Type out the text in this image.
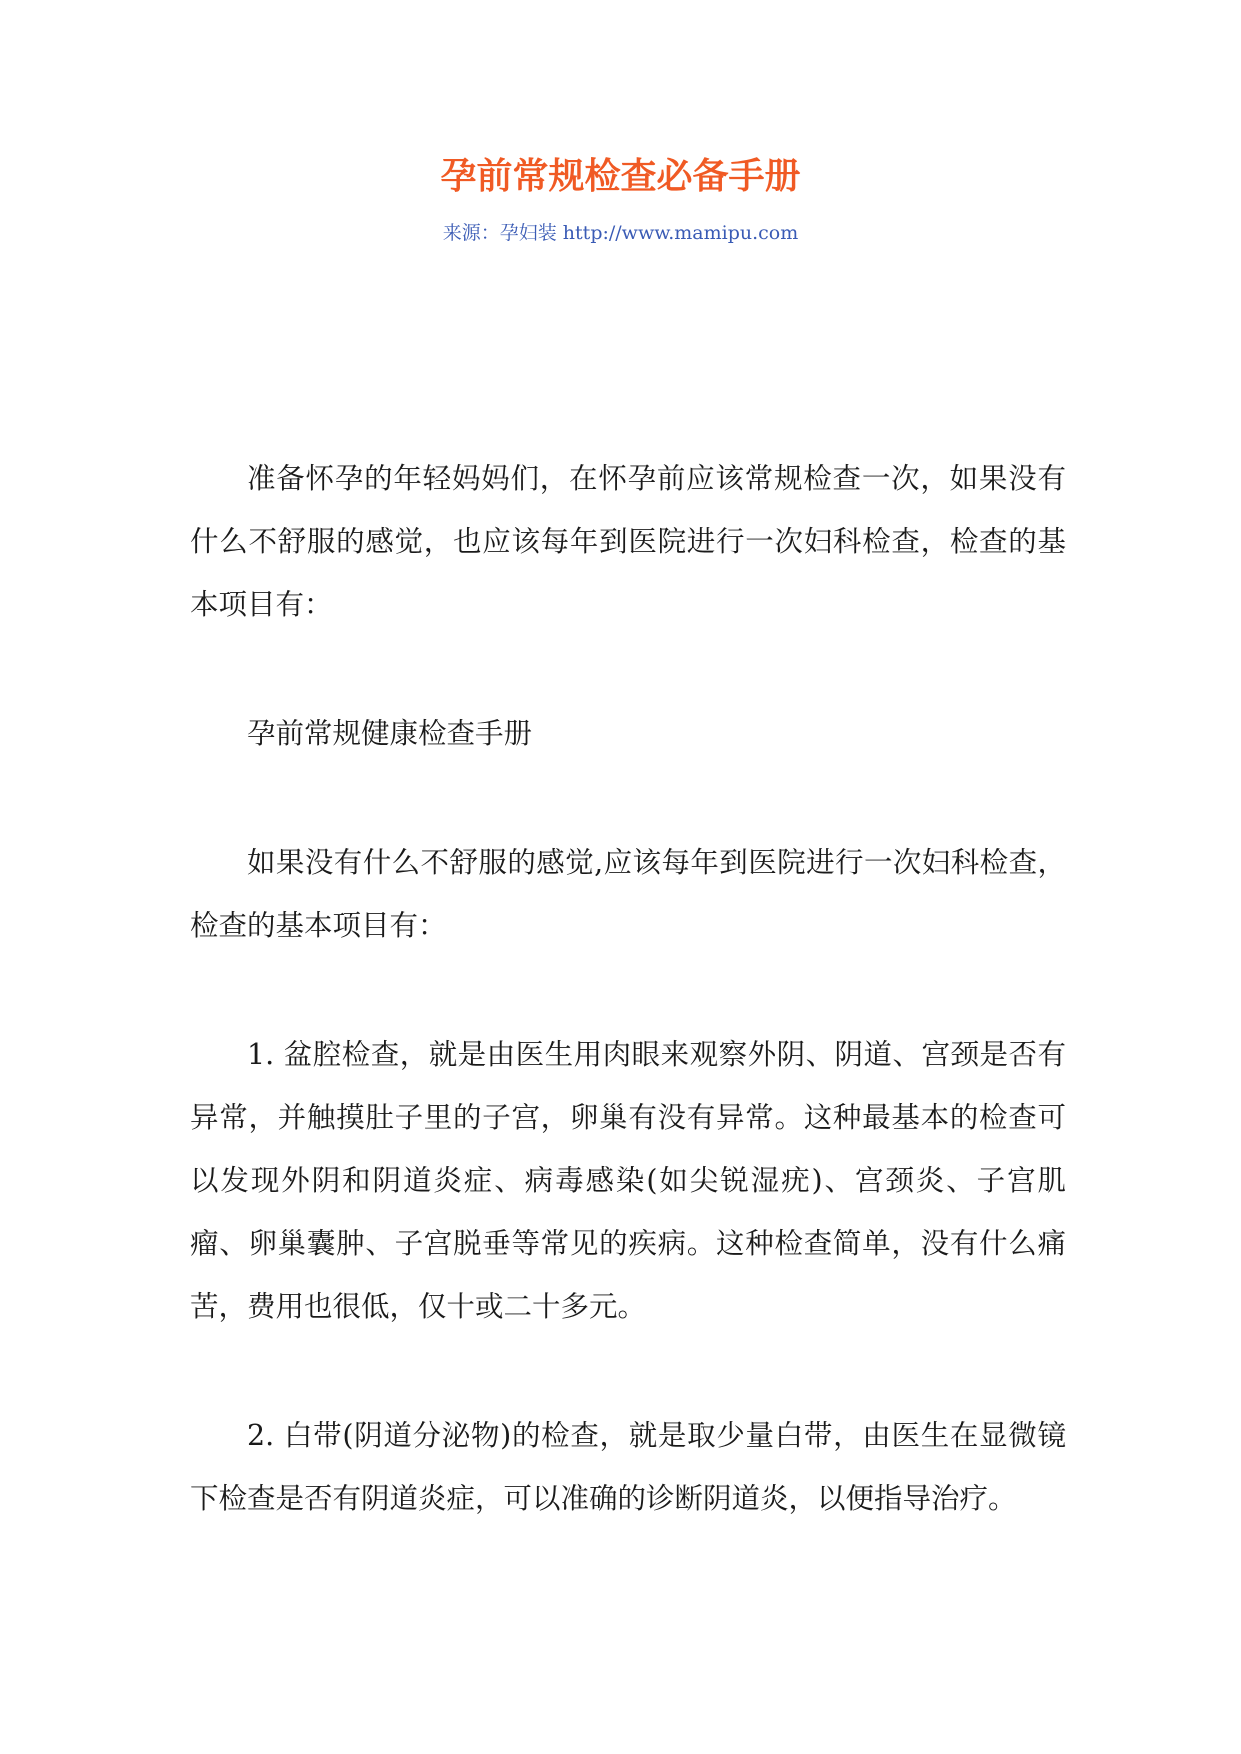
孕前常规检查必备手册

来源：孕妇装 http://www.mamipu.com

准备怀孕的年轻妈妈们，在怀孕前应该常规检查一次，如果没有什么不舒服的感觉，也应该每年到医院进行一次妇科检查，检查的基本项目有：

孕前常规健康检查手册

如果没有什么不舒服的感觉,应该每年到医院进行一次妇科检查，检查的基本项目有：

1. 盆腔检查，就是由医生用肉眼来观察外阴、阴道、宫颈是否有异常，并触摸肚子里的子宫，卵巢有没有异常。这种最基本的检查可以发现外阴和阴道炎症、病毒感染(如尖锐湿疣)、宫颈炎、子宫肌瘤、卵巢囊肿、子宫脱垂等常见的疾病。这种检查简单，没有什么痛苦，费用也很低，仅十或二十多元。

2. 白带(阴道分泌物)的检查，就是取少量白带，由医生在显微镜下检查是否有阴道炎症，可以准确的诊断阴道炎，以便指导治疗。
